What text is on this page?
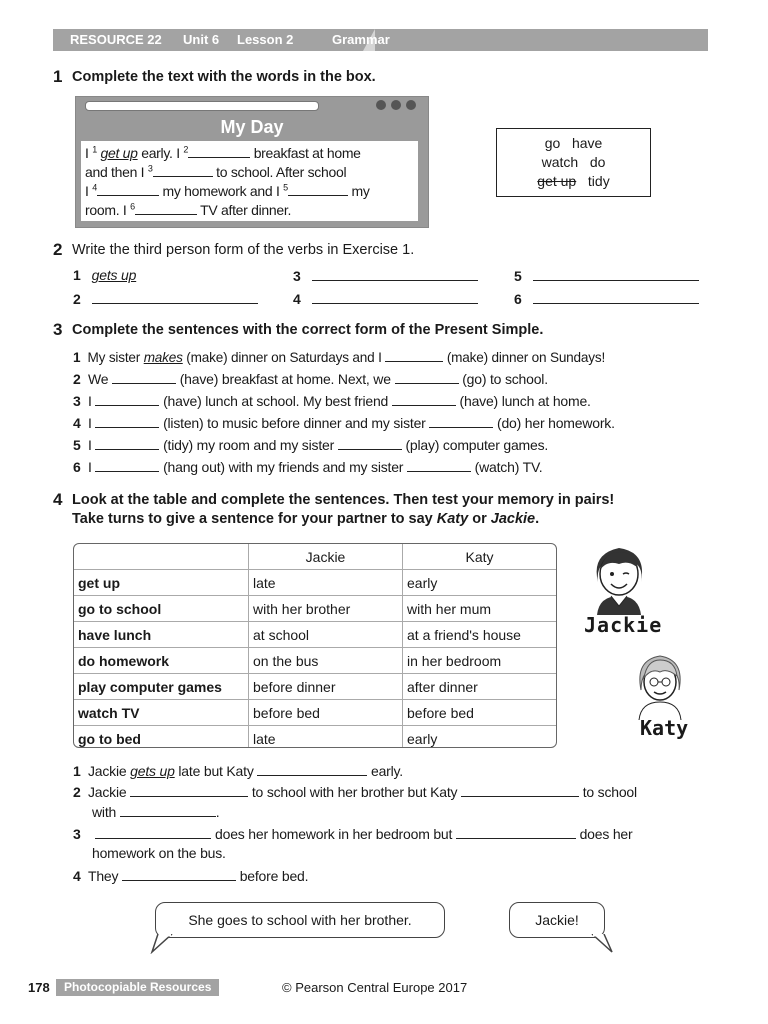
RESOURCE 22 Unit 6 Lesson 2	Grammar
1 Complete the text with the words in the box.
My Day
I $^1$ get up early. I $^2$	breakfast at home
and then I $^3$	to school. After school
I $^4$	my homework and I $^5$	my
room. I $^6$	TV after dinner.
go have
watch do
get up tidy
2 Write the third person form of the verbs in Exercise 1.
1 gets up	3	5
2	4	6
3 Complete the sentences with the correct form of the Present Simple.
1 My sister makes (make) dinner on Saturdays and I	(make) dinner on Sundays!
2 We	(have) breakfast at home. Next, we	(go) to school.
3 I	(have) lunch at school. My best friend	(have) lunch at home.
4 I	(listen) to music before dinner and my sister	(do) her homework.
5 I	(tidy) my room and my sister	(play) computer games.
6 I	(hang out) with my friends and my sister	(watch) TV.
4 Look at the table and complete the sentences. Then test your memory in pairs!
Take turns to give a sentence for your partner to say Katy or Jackie.
	Jackie	Katy
get up	late	early
go to school	with her brother	with her mum
have lunch	at school	at a friend's house
do homework	on the bus	in her bedroom
play computer games	before dinner	after dinner
watch TV	before bed	before bed
go to bed	late	early
Jackie
Katy
1 Jackie gets up late but Katy	early.
2 Jackie	to school with her brother but Katy	to school
with	.
3	does her homework in her bedroom but	does her
homework on the bus.
4 They	before bed.
She goes to school with her brother.	Jackie!
178	Photocopiable Resources	© Pearson Central Europe 2017
